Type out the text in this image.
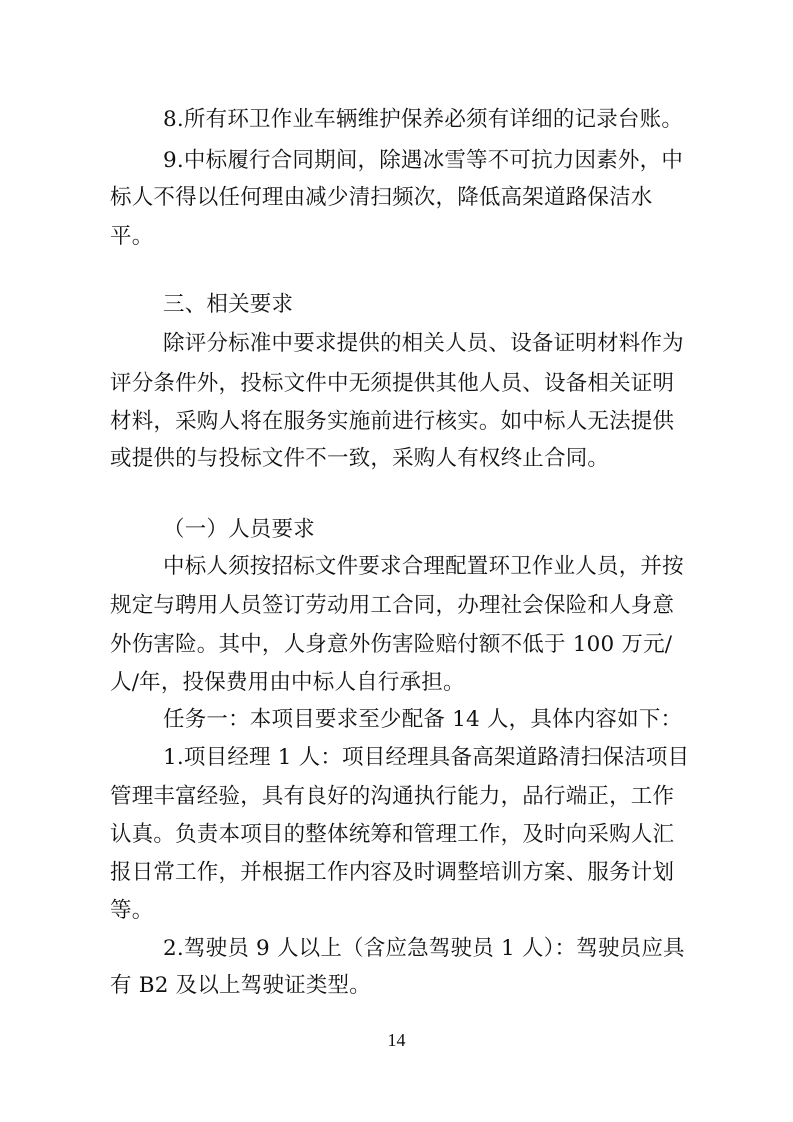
8.所有环卫作业车辆维护保养必须有详细的记录台账。
9.中标履行合同期间，除遇冰雪等不可抗力因素外，中
标人不得以任何理由减少清扫频次，降低高架道路保洁水
平。
三、相关要求
除评分标准中要求提供的相关人员、设备证明材料作为
评分条件外，投标文件中无须提供其他人员、设备相关证明
材料，采购人将在服务实施前进行核实。如中标人无法提供
或提供的与投标文件不一致，采购人有权终止合同。
（一）人员要求
中标人须按招标文件要求合理配置环卫作业人员，并按
规定与聘用人员签订劳动用工合同，办理社会保险和人身意
外伤害险。其中，人身意外伤害险赔付额不低于 100 万元/
人/年，投保费用由中标人自行承担。
任务一：本项目要求至少配备 14 人，具体内容如下：
1.项目经理 1 人：项目经理具备高架道路清扫保洁项目
管理丰富经验，具有良好的沟通执行能力，品行端正，工作
认真。负责本项目的整体统筹和管理工作，及时向采购人汇
报日常工作，并根据工作内容及时调整培训方案、服务计划
等。
2.驾驶员 9 人以上（含应急驾驶员 1 人）：驾驶员应具
有 B2 及以上驾驶证类型。
14
